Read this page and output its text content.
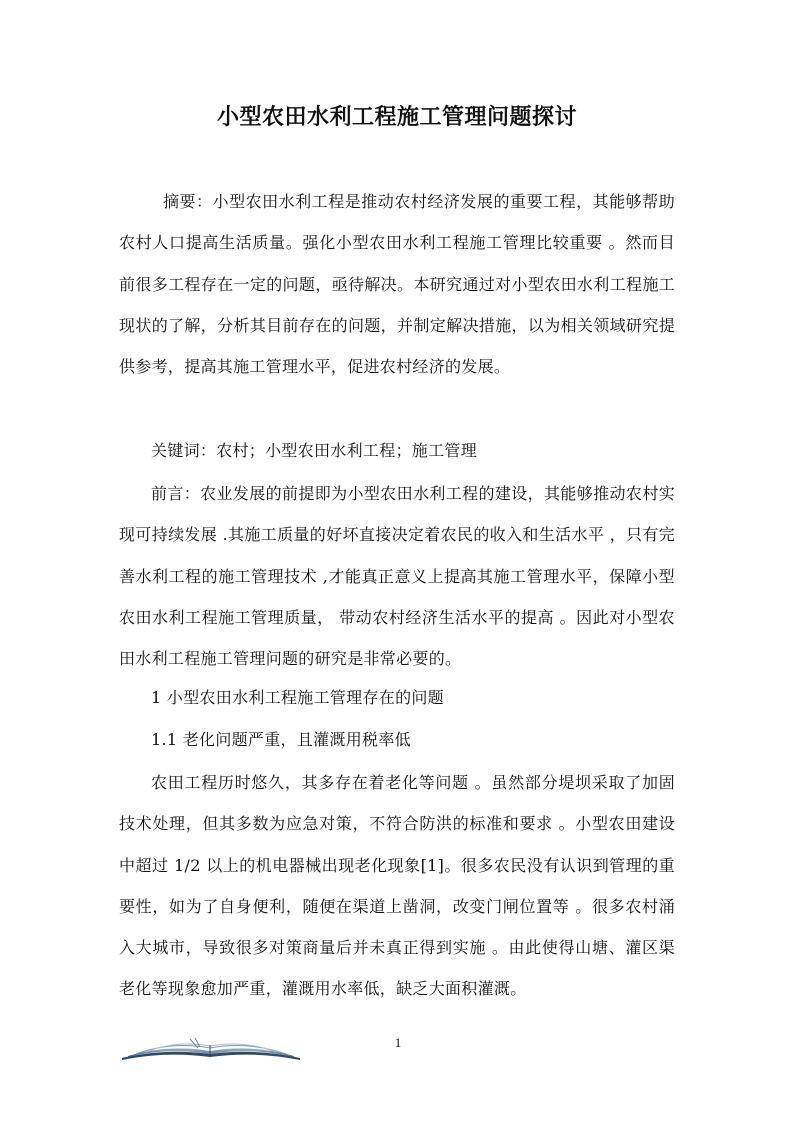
小型农田水利工程施工管理问题探讨
摘要：小型农田水利工程是推动农村经济发展的重要工程，其能够帮助农村人口提高生活质量。强化小型农田水利工程施工管理比较重要 。然而目前很多工程存在一定的问题，亟待解决。本研究通过对小型农田水利工程施工现状的了解，分析其目前存在的问题，并制定解决措施，以为相关领域研究提供参考，提高其施工管理水平，促进农村经济的发展。
关键词：农村；小型农田水利工程；施工管理
前言：农业发展的前提即为小型农田水利工程的建设，其能够推动农村实现可持续发展 .其施工质量的好坏直接决定着农民的收入和生活水平 ，只有完善水利工程的施工管理技术 ,才能真正意义上提高其施工管理水平，保障小型农田水利工程施工管理质量， 带动农村经济生活水平的提高 。因此对小型农田水利工程施工管理问题的研究是非常必要的。
1 小型农田水利工程施工管理存在的问题
1.1 老化问题严重，且灌溉用税率低
农田工程历时悠久，其多存在着老化等问题 。虽然部分堤坝采取了加固技术处理，但其多数为应急对策，不符合防洪的标准和要求 。小型农田建设中超过 1/2 以上的机电器械出现老化现象[1]。很多农民没有认识到管理的重要性，如为了自身便利，随便在渠道上凿洞，改变门闸位置等 。很多农村涌入大城市，导致很多对策商量后并未真正得到实施 。由此使得山塘、灌区渠老化等现象愈加严重，灌溉用水率低，缺乏大面积灌溉。
1
